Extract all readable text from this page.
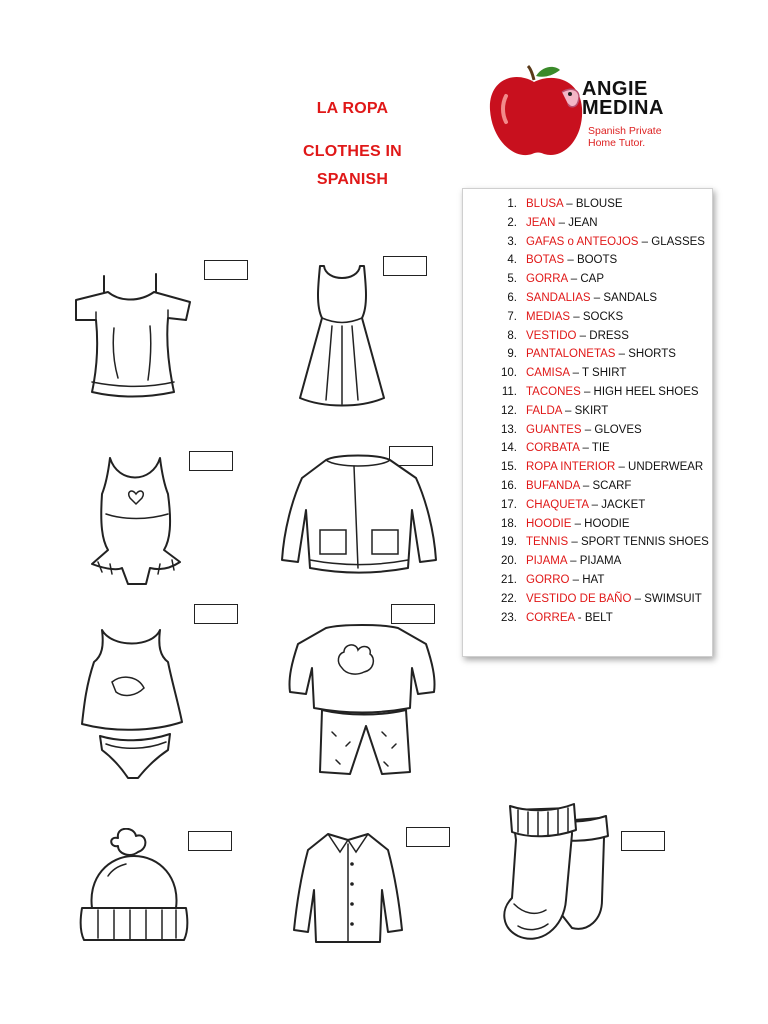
LA ROPA
CLOTHES IN SPANISH
ANGIE
MEDINA
Spanish Private
Home Tutor.
1. BLUSA – BLOUSE
2. JEAN – JEAN
3. GAFAS o ANTEOJOS – GLASSES
4. BOTAS – BOOTS
5. GORRA – CAP
6. SANDALIAS – SANDALS
7. MEDIAS – SOCKS
8. VESTIDO – DRESS
9. PANTALONETAS – SHORTS
10. CAMISA – T SHIRT
11. TACONES – HIGH HEEL SHOES
12. FALDA – SKIRT
13. GUANTES – GLOVES
14. CORBATA – TIE
15. ROPA INTERIOR – UNDERWEAR
16. BUFANDA – SCARF
17. CHAQUETA – JACKET
18. HOODIE – HOODIE
19. TENNIS – SPORT TENNIS SHOES
20. PIJAMA – PIJAMA
21. GORRO – HAT
22. VESTIDO DE BAÑO – SWIMSUIT
23. CORREA - BELT
